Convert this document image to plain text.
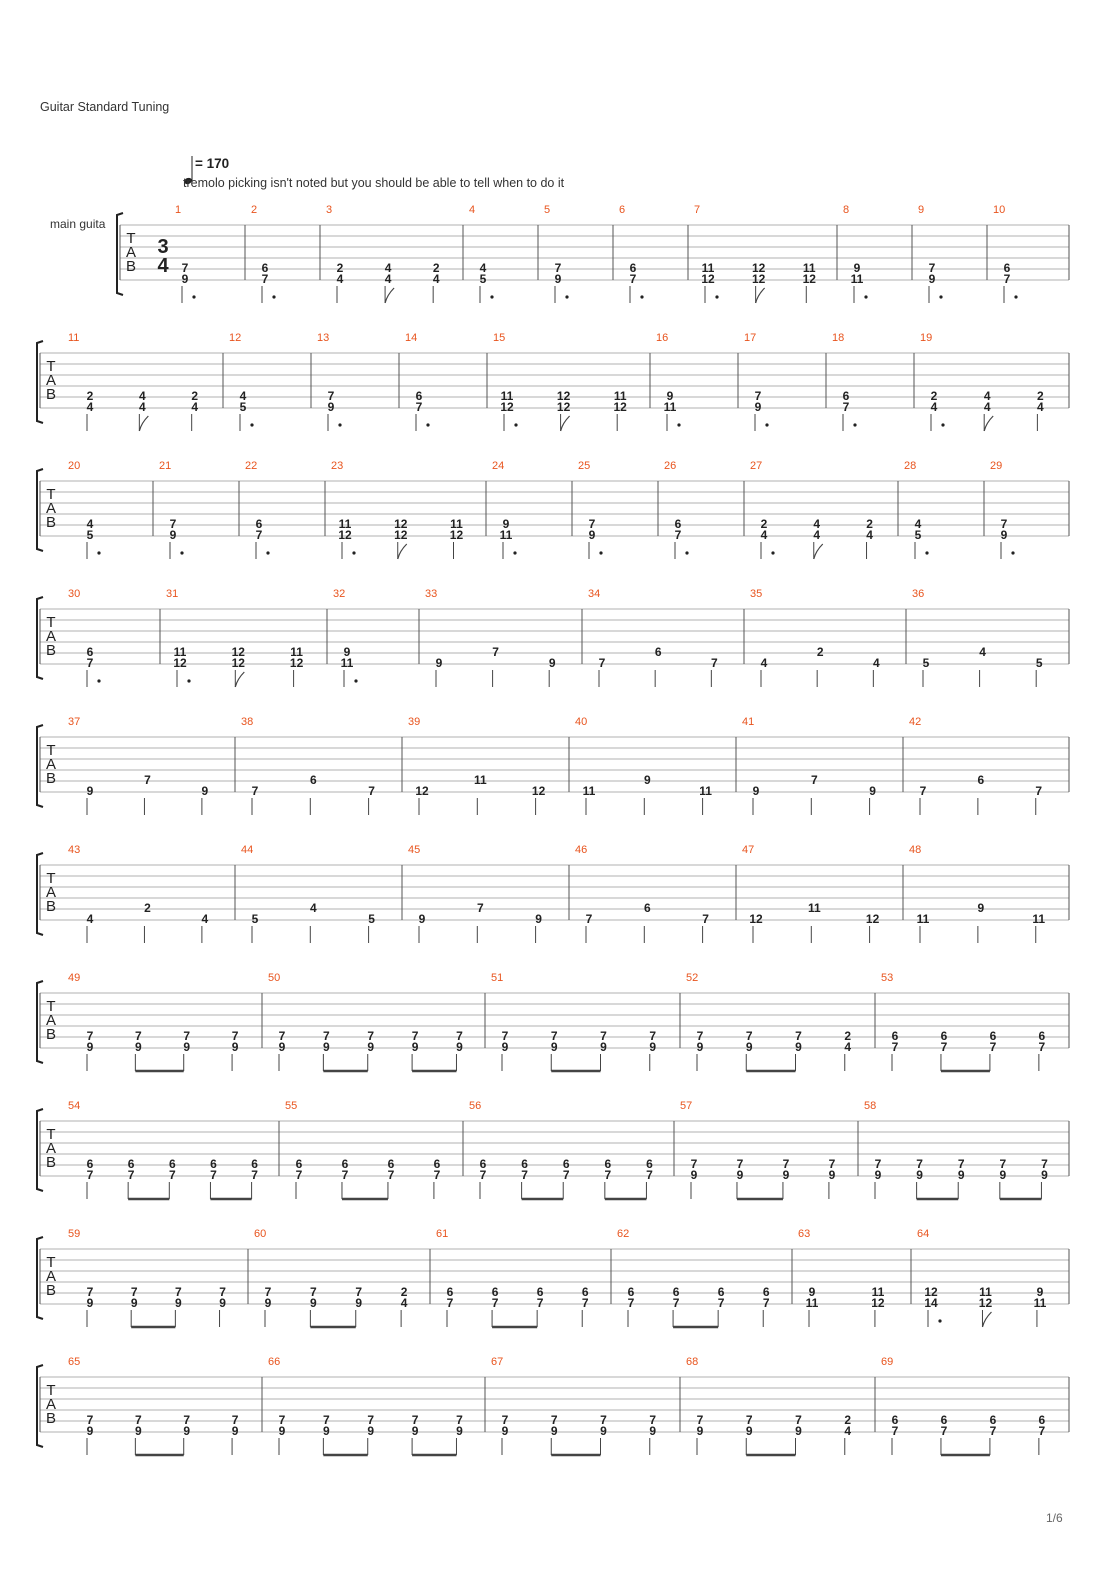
Guitar Standard Tuning
= 170
tremolo picking isn't noted but you should be able to tell when to do it
main guita
T
A
B
3
4
1
7
9
2
6
7
3
2
4
4
4
2
4
4
4
5
5
7
9
6
6
7
7
11
12
12
12
11
12
8
9
11
9
7
9
10
6
7
T
A
B
11
2
4
4
4
2
4
12
4
5
13
7
9
14
6
7
15
11
12
12
12
11
12
16
9
11
17
7
9
18
6
7
19
2
4
4
4
2
4
T
A
B
20
4
5
21
7
9
22
6
7
23
11
12
12
12
11
12
24
9
11
25
7
9
26
6
7
27
2
4
4
4
2
4
28
4
5
29
7
9
T
A
B
30
6
7
31
11
12
12
12
11
12
32
9
11
33
9
7
9
34
7
6
7
35
4
2
4
36
5
4
5
T
A
B
37
9
7
9
38
7
6
7
39
12
11
12
40
11
9
11
41
9
7
9
42
7
6
7
T
A
B
43
4
2
4
44
5
4
5
45
9
7
9
46
7
6
7
47
12
11
12
48
11
9
11
T
A
B
49
7
9
7
9
7
9
7
9
50
7
9
7
9
7
9
7
9
7
9
51
7
9
7
9
7
9
7
9
52
7
9
7
9
7
9
2
4
53
6
7
6
7
6
7
6
7
T
A
B
54
6
7
6
7
6
7
6
7
6
7
55
6
7
6
7
6
7
6
7
56
6
7
6
7
6
7
6
7
6
7
57
7
9
7
9
7
9
7
9
58
7
9
7
9
7
9
7
9
7
9
T
A
B
59
7
9
7
9
7
9
7
9
60
7
9
7
9
7
9
2
4
61
6
7
6
7
6
7
6
7
62
6
7
6
7
6
7
6
7
63
9
11
11
12
64
12
14
11
12
9
11
T
A
B
65
7
9
7
9
7
9
7
9
66
7
9
7
9
7
9
7
9
7
9
67
7
9
7
9
7
9
7
9
68
7
9
7
9
7
9
2
4
69
6
7
6
7
6
7
6
7
1/6
